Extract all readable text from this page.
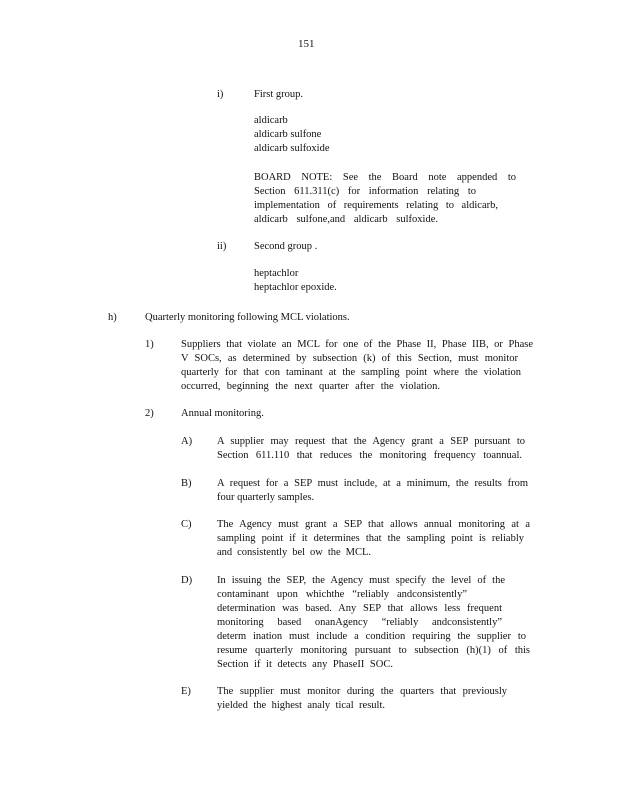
151
i)	First group.
aldicarb
aldicarb sulfone
aldicarb sulfoxide
BOARD NOTE: See the Board note appended to
Section 611.311(c) for information relating to
implementation of requirements relating to aldicarb,
aldicarb sulfone,and aldicarb sulfoxide.
ii)	Second group .
heptachlor
heptachlor epoxide.
h)	Quarterly monitoring following MCL violations.
1)	Suppliers that violate an MCL for one of the Phase II, Phase IIB, or Phase
V SOCs, as determined by subsection (k) of this Section, must monitor
quarterly for that con taminant at the sampling point where the violation
occurred, beginning the next quarter after the violation.
2)	Annual monitoring.
A) A supplier may request that the Agency grant a SEP pursuant to
Section 611.110 that reduces the monitoring frequency toannual.
B) A request for a SEP must include, at a minimum, the results from
four quarterly samples.
C) The Agency must grant a SEP that allows annual monitoring at a
sampling point if it determines that the sampling point is reliably
and consistently bel ow the MCL.
D) In issuing the SEP, the Agency must specify the level of the
contaminant upon whichthe “reliably andconsistently”
determination was based. Any SEP that allows less frequent
monitoring based onanAgency “reliably andconsistently”
determ ination must include a condition requiring the supplier to
resume quarterly monitoring pursuant to subsection (h)(1) of this
Section if it detects any PhaseII SOC.
E) The supplier must monitor during the quarters that previously
yielded the highest analy tical result.
